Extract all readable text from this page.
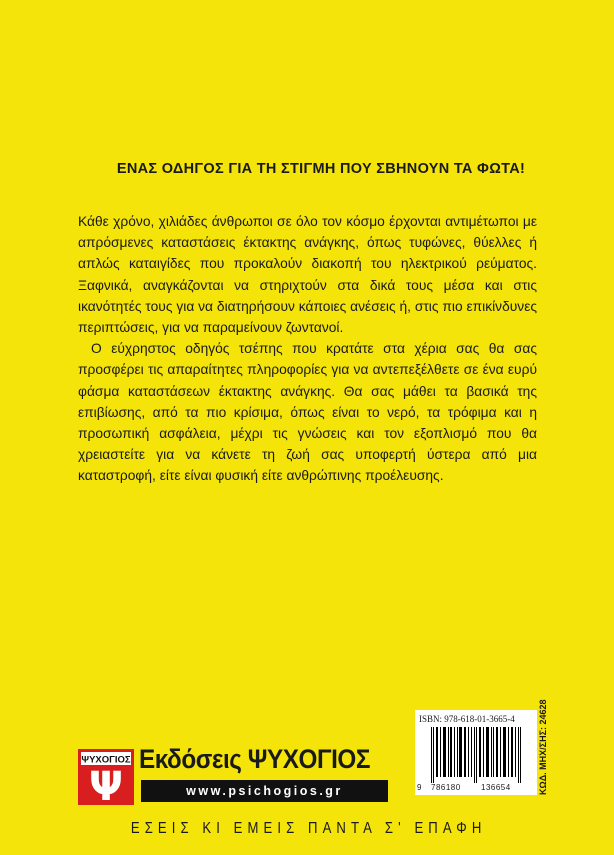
ΕΝΑΣ ΟΔΗΓΟΣ ΓΙΑ ΤΗ ΣΤΙΓΜΗ ΠΟΥ ΣΒΗΝΟΥΝ ΤΑ ΦΩΤΑ!

Κάθε χρόνο, χιλιάδες άνθρωποι σε όλο τον κόσμο έρχονται αντιμέτωποι με απρόσμενες καταστάσεις έκτακτης ανάγκης, όπως τυφώνες, θύελλες ή απλώς καταιγίδες που προκαλούν διακοπή του ηλεκτρικού ρεύματος. Ξαφνικά, αναγκάζονται να στηριχτούν στα δικά τους μέσα και στις ικανότητές τους για να διατηρήσουν κάποιες ανέσεις ή, στις πιο επικίνδυνες περιπτώσεις, για να παραμείνουν ζωντανοί.

Ο εύχρηστος οδηγός τσέπης που κρατάτε στα χέρια σας θα σας προσφέρει τις απαραίτητες πληροφορίες για να αντεπεξέλθετε σε ένα ευρύ φάσμα καταστάσεων έκτακτης ανάγκης. Θα σας μάθει τα βασικά της επιβίωσης, από τα πιο κρίσιμα, όπως είναι το νερό, τα τρόφιμα και η προσωπική ασφάλεια, μέχρι τις γνώσεις και τον εξοπλισμό που θα χρειαστείτε για να κάνετε τη ζωή σας υποφερτή ύστερα από μια καταστροφή, είτε είναι φυσική είτε ανθρώπινης προέλευσης.

ISBN: 978-618-01-3665-4
9 786180	136654	ΚΩΔ. ΜΗΧ/ΣΗΣ: 24628
ΨΥΧΟΓΙΟΣ
Ψ
Εκδόσεις ΨΥΧΟΓΙΟΣ
www.psichogios.gr
ΕΣΕΙΣ ΚΙ ΕΜΕΙΣ ΠΑΝΤΑ Σ' ΕΠΑΦΗ
